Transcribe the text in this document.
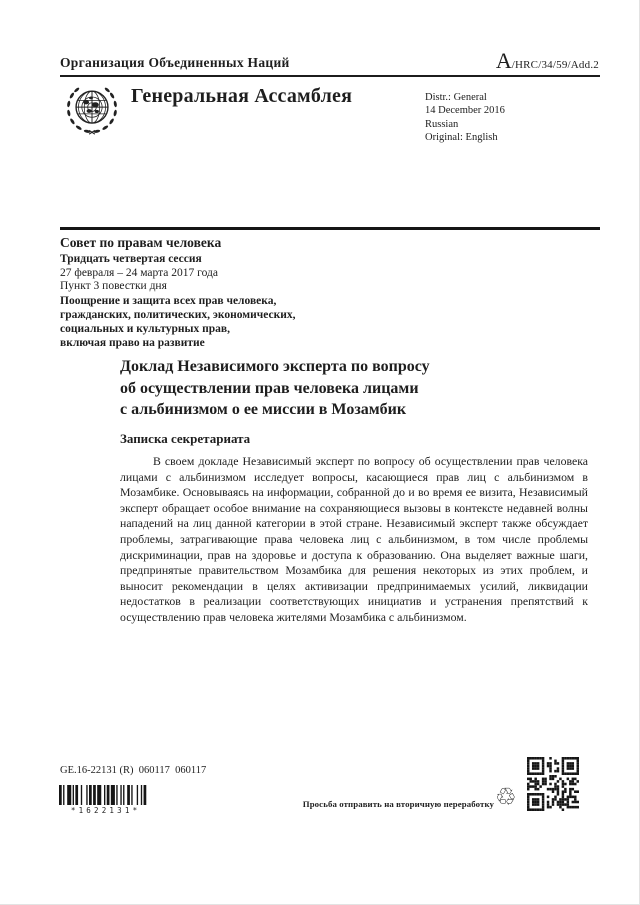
Организация Объединенных Наций	A/HRC/34/59/Add.2
Генеральная Ассамблея	Distr.: General
14 December 2016
Russian
Original: English
Совет по правам человека
Тридцать четвертая сессия
27 февраля – 24 марта 2017 года
Пункт 3 повестки дня
Поощрение и защита всех прав человека,
гражданских, политических, экономических,
социальных и культурных прав,
включая право на развитие
Доклад Независимого эксперта по вопросу
об осуществлении прав человека лицами
с альбинизмом о ее миссии в Мозамбик
Записка секретариата
В своем докладе Независимый эксперт по вопросу об осуществлении прав человека лицами с альбинизмом исследует вопросы, касающиеся прав лиц с альбинизмом в Мозамбике. Основываясь на информации, собранной до и во время ее визита, Независимый эксперт обращает особое внимание на сохраняющиеся вызовы в контексте недавней волны нападений на лиц данной категории в этой стране. Независимый эксперт также обсуждает проблемы, затрагивающие права человека лиц с альбинизмом, в том числе проблемы дискриминации, прав на здоровье и доступа к образованию. Она выделяет важные шаги, предпринятые правительством Мозамбика для решения некоторых из этих проблем, и выносит рекомендации в целях активизации предпринимаемых усилий, ликвидации недостатков в реализации соответствующих инициатив и устранения препятствий к осуществлению прав человека жителями Мозамбика с альбинизмом.
GE.16-22131 (R)  060117  060117
*1622131*
Просьба отправить на вторичную переработку ♲
